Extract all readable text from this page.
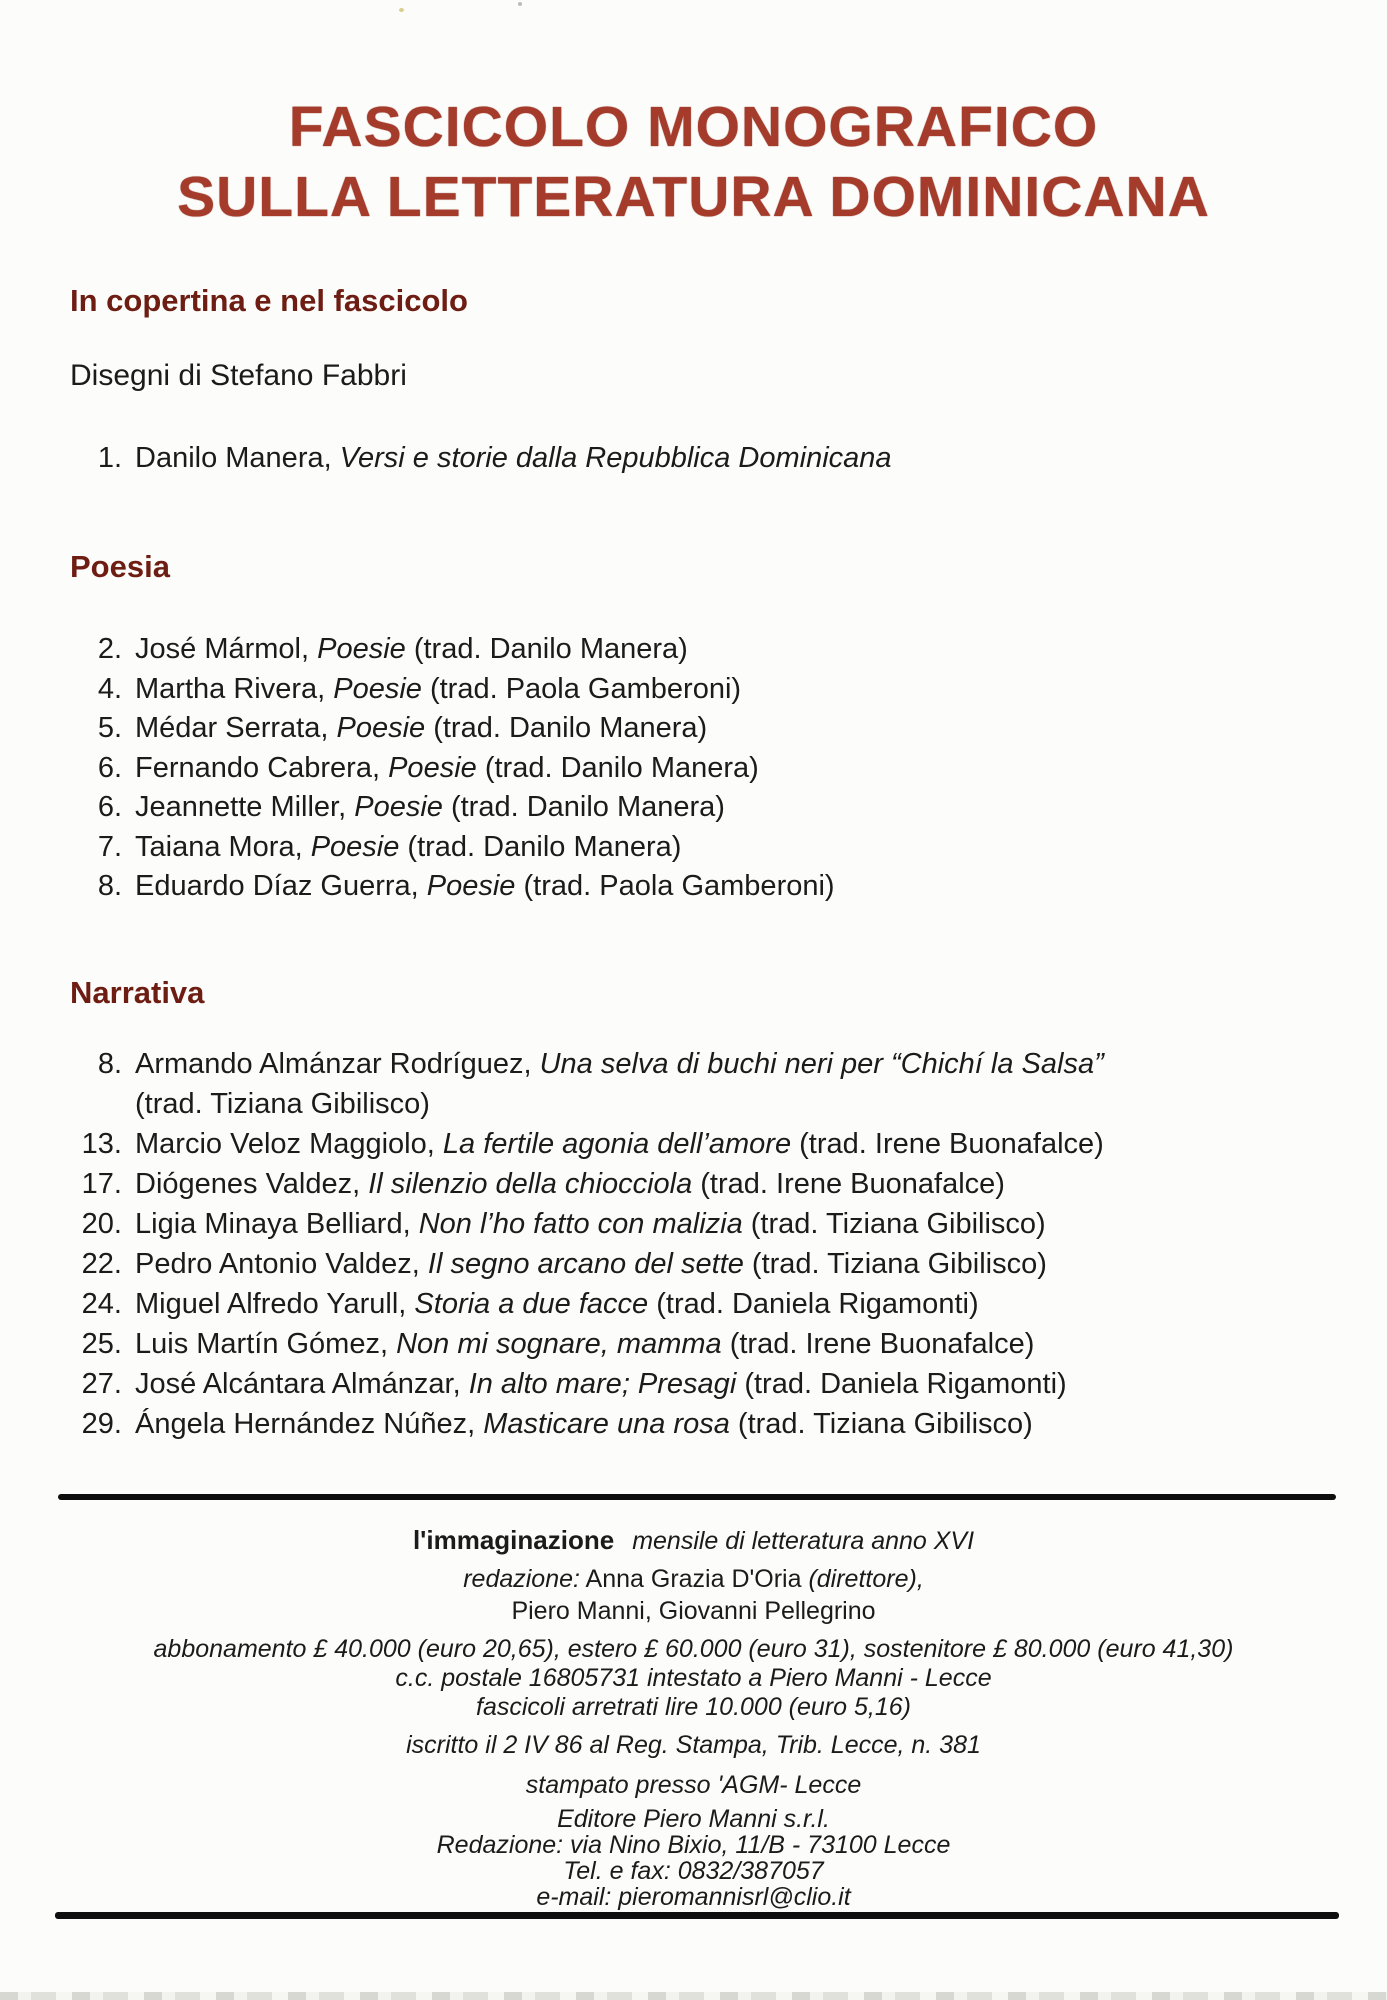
FASCICOLO MONOGRAFICO
SULLA LETTERATURA DOMINICANA
In copertina e nel fascicolo
Disegni di Stefano Fabbri
1. Danilo Manera, Versi e storie dalla Repubblica Dominicana
Poesia
2. José Mármol, Poesie (trad. Danilo Manera)
4. Martha Rivera, Poesie (trad. Paola Gamberoni)
5. Médar Serrata, Poesie (trad. Danilo Manera)
6. Fernando Cabrera, Poesie (trad. Danilo Manera)
6. Jeannette Miller, Poesie (trad. Danilo Manera)
7. Taiana Mora, Poesie (trad. Danilo Manera)
8. Eduardo Díaz Guerra, Poesie (trad. Paola Gamberoni)
Narrativa
8. Armando Almánzar Rodríguez, Una selva di buchi neri per “Chichí la Salsa”
(trad. Tiziana Gibilisco)
13. Marcio Veloz Maggiolo, La fertile agonia dell’amore (trad. Irene Buonafalce)
17. Diógenes Valdez, Il silenzio della chiocciola (trad. Irene Buonafalce)
20. Ligia Minaya Belliard, Non l’ho fatto con malizia (trad. Tiziana Gibilisco)
22. Pedro Antonio Valdez, Il segno arcano del sette (trad. Tiziana Gibilisco)
24. Miguel Alfredo Yarull, Storia a due facce (trad. Daniela Rigamonti)
25. Luis Martín Gómez, Non mi sognare, mamma (trad. Irene Buonafalce)
27. José Alcántara Almánzar, In alto mare; Presagi (trad. Daniela Rigamonti)
29. Ángela Hernández Núñez, Masticare una rosa (trad. Tiziana Gibilisco)

l'immaginazione mensile di letteratura anno XVI

redazione: Anna Grazia D'Oria (direttore),
Piero Manni, Giovanni Pellegrino

abbonamento £ 40.000 (euro 20,65), estero £ 60.000 (euro 31), sostenitore £ 80.000 (euro 41,30)
c.c. postale 16805731 intestato a Piero Manni - Lecce
fascicoli arretrati lire 10.000 (euro 5,16)

iscritto il 2 IV 86 al Reg. Stampa, Trib. Lecce, n. 381

stampato presso 'AGM- Lecce

Editore Piero Manni s.r.l.
Redazione: via Nino Bixio, 11/B - 73100 Lecce
Tel. e fax: 0832/387057
e-mail: pieromannisrl@clio.it
